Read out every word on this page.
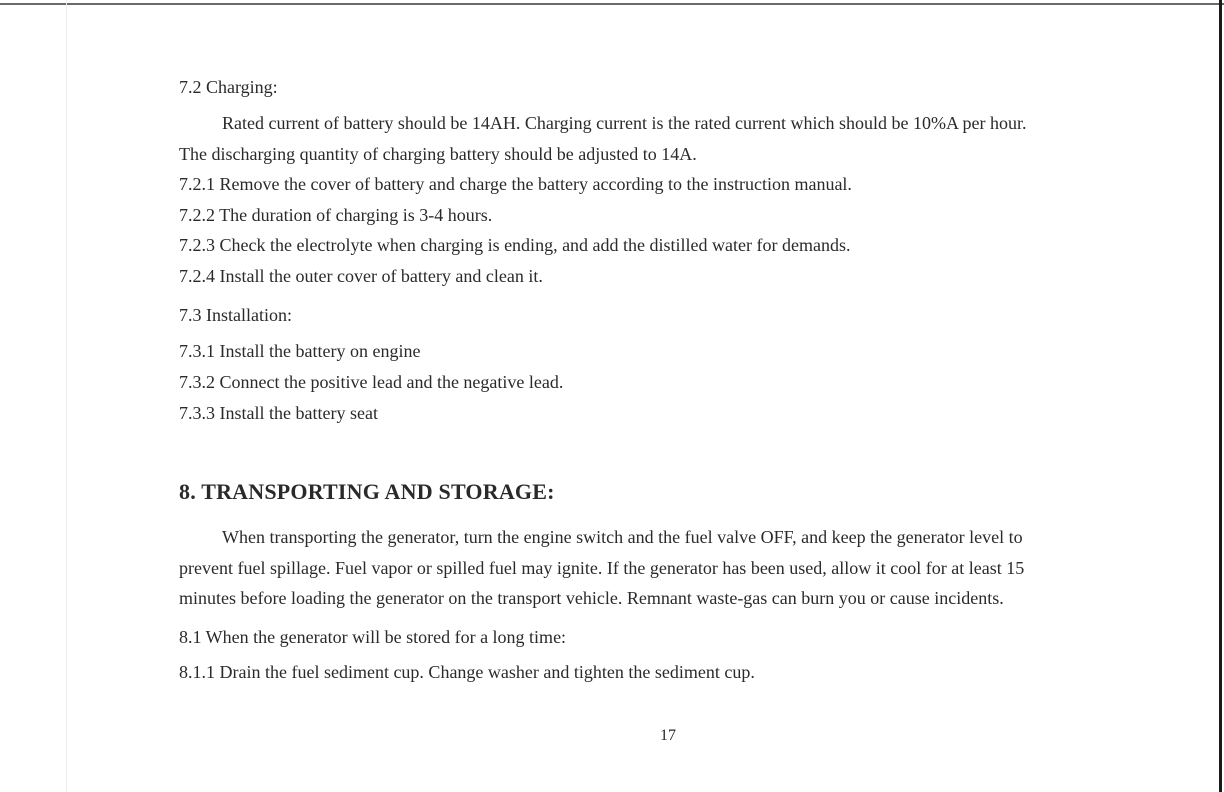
7.2 Charging:
Rated current of battery should be 14AH. Charging current is the rated current which should be 10%A per hour.
The discharging quantity of charging battery should be adjusted to 14A.
7.2.1 Remove the cover of battery and charge the battery according to the instruction manual.
7.2.2 The duration of charging is 3-4 hours.
7.2.3 Check the electrolyte when charging is ending, and add the distilled water for demands.
7.2.4 Install the outer cover of battery and clean it.
7.3 Installation:
7.3.1 Install the battery on engine
7.3.2 Connect the positive lead and the negative lead.
7.3.3 Install the battery seat
8. TRANSPORTING AND STORAGE:
When transporting the generator, turn the engine switch and the fuel valve OFF, and keep the generator level to
prevent fuel spillage. Fuel vapor or spilled fuel may ignite. If the generator has been used, allow it cool for at least 15
minutes before loading the generator on the transport vehicle. Remnant waste-gas can burn you or cause incidents.
8.1 When the generator will be stored for a long time:
8.1.1 Drain the fuel sediment cup. Change washer and tighten the sediment cup.
17
